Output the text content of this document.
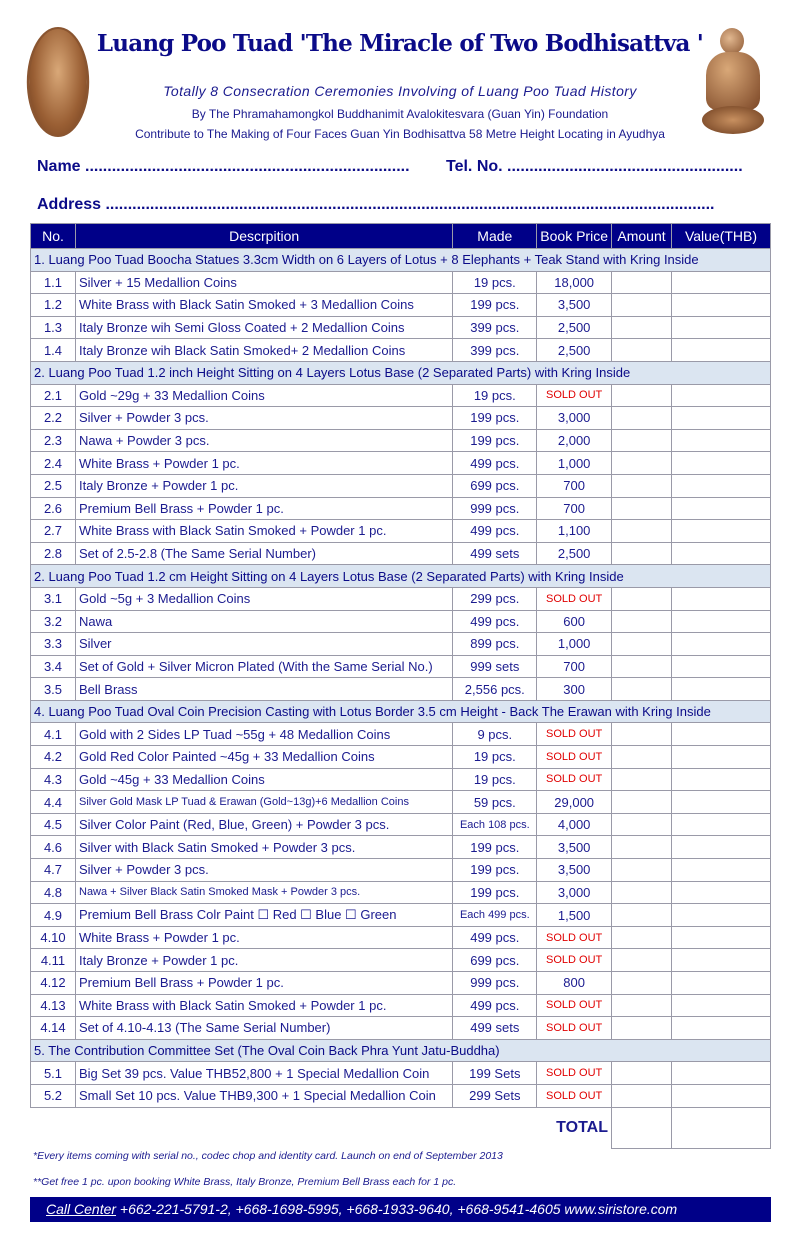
Luang Poo Tuad 'The Miracle of Two Bodhisattva '
Totally 8 Consecration Ceremonies Involving of Luang Poo Tuad History
By The Phramahamongkol Buddhanimit Avalokitesvara (Guan Yin) Foundation
Contribute to The Making of Four Faces Guan Yin Bodhisattva 58 Metre Height Locating in Ayudhya
Name ......................................................................... Tel. No. .....................................................
Address .........................................................................................................................................
No.	Descrpition	Made	Book Price	Amount	Value(THB)
1. Luang Poo Tuad Boocha Statues 3.3cm Width on 6 Layers of Lotus + 8 Elephants + Teak Stand with Kring Inside					
1.1	Silver + 15 Medallion Coins	19 pcs.	18,000		
1.2	White Brass with Black Satin Smoked + 3 Medallion Coins	199 pcs.	3,500		
1.3	Italy Bronze wih Semi Gloss Coated + 2 Medallion Coins	399 pcs.	2,500		
1.4	Italy Bronze wih Black Satin Smoked+ 2 Medallion Coins	399 pcs.	2,500		
2. Luang Poo Tuad 1.2 inch Height Sitting on 4 Layers Lotus Base (2 Separated Parts) with Kring Inside					
2.1	Gold ~29g + 33 Medallion Coins	19 pcs.	SOLD OUT		
2.2	Silver + Powder 3 pcs.	199 pcs.	3,000		
2.3	Nawa + Powder 3 pcs.	199 pcs.	2,000		
2.4	White Brass + Powder 1 pc.	499 pcs.	1,000		
2.5	Italy Bronze + Powder 1 pc.	699 pcs.	700		
2.6	Premium Bell Brass + Powder 1 pc.	999 pcs.	700		
2.7	White Brass with Black Satin Smoked + Powder 1 pc.	499 pcs.	1,100		
2.8	Set of 2.5-2.8 (The Same Serial Number)	499 sets	2,500		
2. Luang Poo Tuad 1.2 cm Height Sitting on 4 Layers Lotus Base (2 Separated Parts) with Kring Inside					
3.1	Gold ~5g + 3 Medallion Coins	299 pcs.	SOLD OUT		
3.2	Nawa	499 pcs.	600		
3.3	Silver	899 pcs.	1,000		
3.4	Set of Gold + Silver Micron Plated (With the Same Serial No.)	999 sets	700		
3.5	Bell Brass	2,556 pcs.	300		
4. Luang Poo Tuad Oval Coin Precision Casting with Lotus Border 3.5 cm Height - Back The Erawan with Kring Inside					
4.1	Gold with 2 Sides LP Tuad ~55g + 48 Medallion Coins	9 pcs.	SOLD OUT		
4.2	Gold Red Color Painted ~45g + 33 Medallion Coins	19 pcs.	SOLD OUT		
4.3	Gold ~45g + 33 Medallion Coins	19 pcs.	SOLD OUT		
4.4	Silver Gold Mask LP Tuad & Erawan (Gold~13g)+6 Medallion Coins	59 pcs.	29,000		
4.5	Silver Color Paint (Red, Blue, Green) + Powder 3 pcs.	Each 108 pcs.	4,000		
4.6	Silver with Black Satin Smoked + Powder 3 pcs.	199 pcs.	3,500		
4.7	Silver + Powder 3 pcs.	199 pcs.	3,500		
4.8	Nawa + Silver Black Satin Smoked Mask + Powder 3 pcs.	199 pcs.	3,000		
4.9	Premium Bell Brass Colr Paint ☐ Red ☐ Blue ☐ Green	Each 499 pcs.	1,500		
4.10	White Brass + Powder 1 pc.	499 pcs.	SOLD OUT		
4.11	Italy Bronze + Powder 1 pc.	699 pcs.	SOLD OUT		
4.12	Premium Bell Brass + Powder 1 pc.	999 pcs.	800		
4.13	White Brass with Black Satin Smoked + Powder 1 pc.	499 pcs.	SOLD OUT		
4.14	Set of 4.10-4.13 (The Same Serial Number)	499 sets	SOLD OUT		
5. The Contribution Committee Set (The Oval Coin Back Phra Yunt Jatu-Buddha)					
5.1	Big Set 39 pcs. Value THB52,800 + 1 Special Medallion Coin	199 Sets	SOLD OUT		
5.2	Small Set 10 pcs. Value THB9,300 + 1 Special Medallion Coin	299 Sets	SOLD OUT		
			TOTAL		
*Every items coming with serial no., codec chop and identity card. Launch on end of September 2013
**Get free 1 pc. upon booking White Brass, Italy Bronze, Premium Bell Brass each for 1 pc.
Call Center +662-221-5791-2, +668-1698-5995, +668-1933-9640, +668-9541-4605 www.siristore.com
